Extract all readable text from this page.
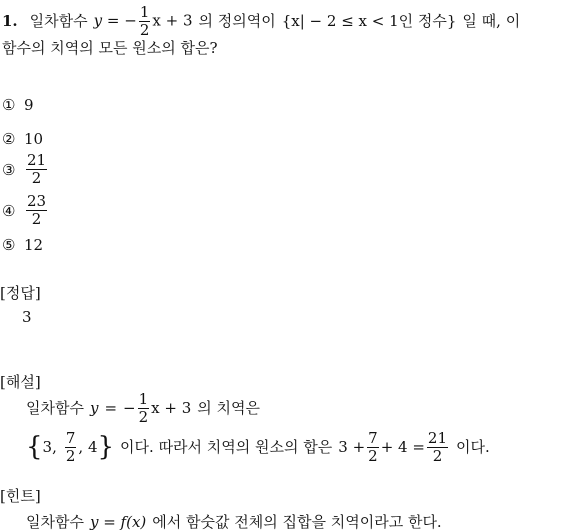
1. 일차함수 y = − $\frac{1}{2}$ x + 3 의 정의역이 {x| − 2 ≤ x < 1인 정수} 일 때, 이
함수의 치역의 모든 원소의 합은?
① 9
② 10
③ $\frac{21}{2}$
④ $\frac{23}{2}$
⑤ 12
[정답]
3
[해설]
일차함수 y = − $\frac{1}{2}$ x + 3 의 치역은
{ 3, $\frac{7}{2}$ , 4 } 이다. 따라서 치역의 원소의 합은 $3 + \frac{7}{2} + 4 = \frac{21}{2}$ 이다.
[힌트]
일차함수 y = f(x) 에서 함숫값 전체의 집합을 치역이라고 한다.
